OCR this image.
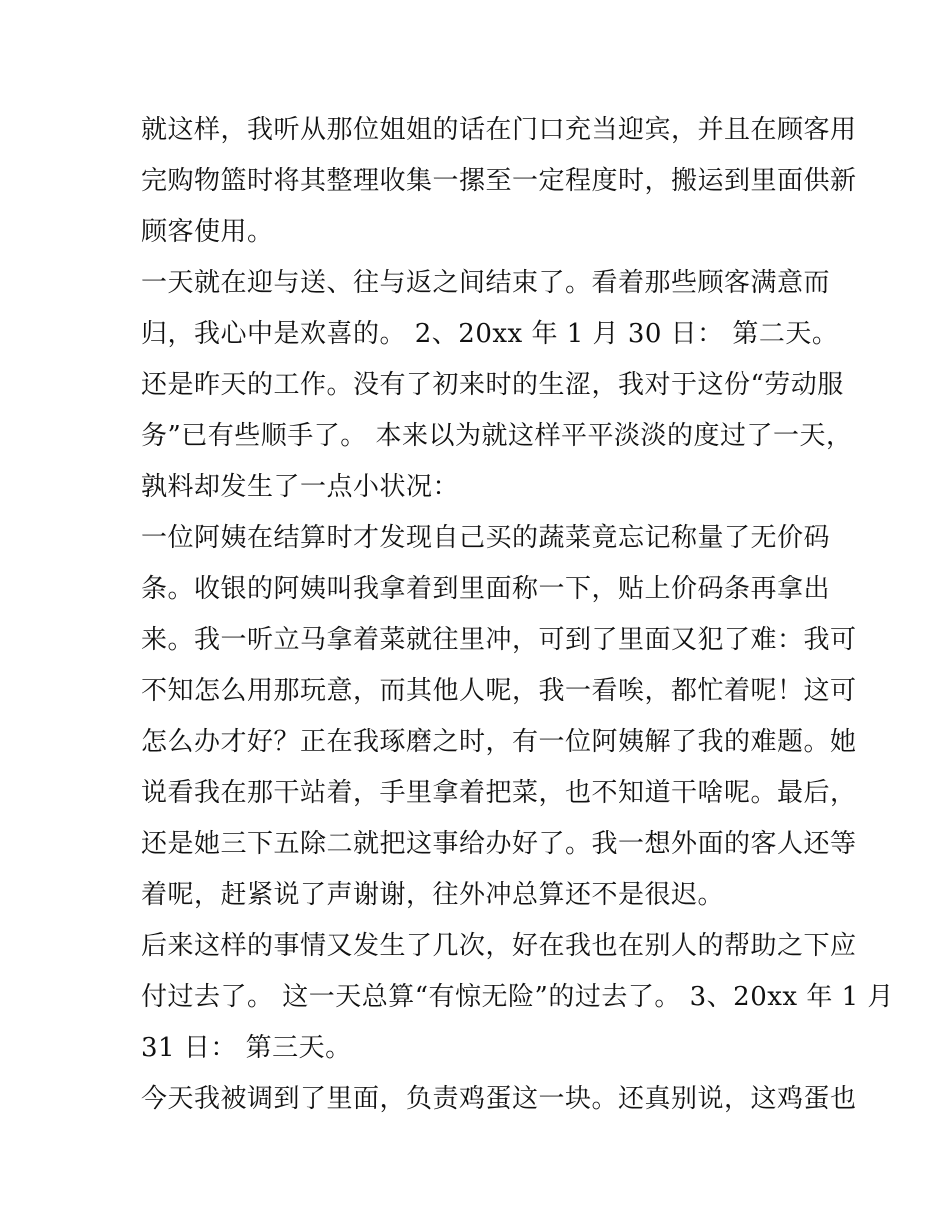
就这样，我听从那位姐姐的话在门口充当迎宾，并且在顾客用
完购物篮时将其整理收集一摞至一定程度时，搬运到里面供新
顾客使用。
一天就在迎与送、往与返之间结束了。看着那些顾客满意而
归，我心中是欢喜的。 2、20xx 年 1 月 30 日： 第二天。
还是昨天的工作。没有了初来时的生涩，我对于这份“劳动服
务”已有些顺手了。 本来以为就这样平平淡淡的度过了一天，
孰料却发生了一点小状况：
一位阿姨在结算时才发现自己买的蔬菜竟忘记称量了无价码
条。收银的阿姨叫我拿着到里面称一下，贴上价码条再拿出
来。我一听立马拿着菜就往里冲，可到了里面又犯了难：我可
不知怎么用那玩意，而其他人呢，我一看唉，都忙着呢！这可
怎么办才好？正在我琢磨之时，有一位阿姨解了我的难题。她
说看我在那干站着，手里拿着把菜，也不知道干啥呢。最后，
还是她三下五除二就把这事给办好了。我一想外面的客人还等
着呢，赶紧说了声谢谢，往外冲总算还不是很迟。
后来这样的事情又发生了几次，好在我也在别人的帮助之下应
付过去了。 这一天总算“有惊无险”的过去了。 3、20xx 年 1 月
31 日： 第三天。
今天我被调到了里面，负责鸡蛋这一块。还真别说，这鸡蛋也
